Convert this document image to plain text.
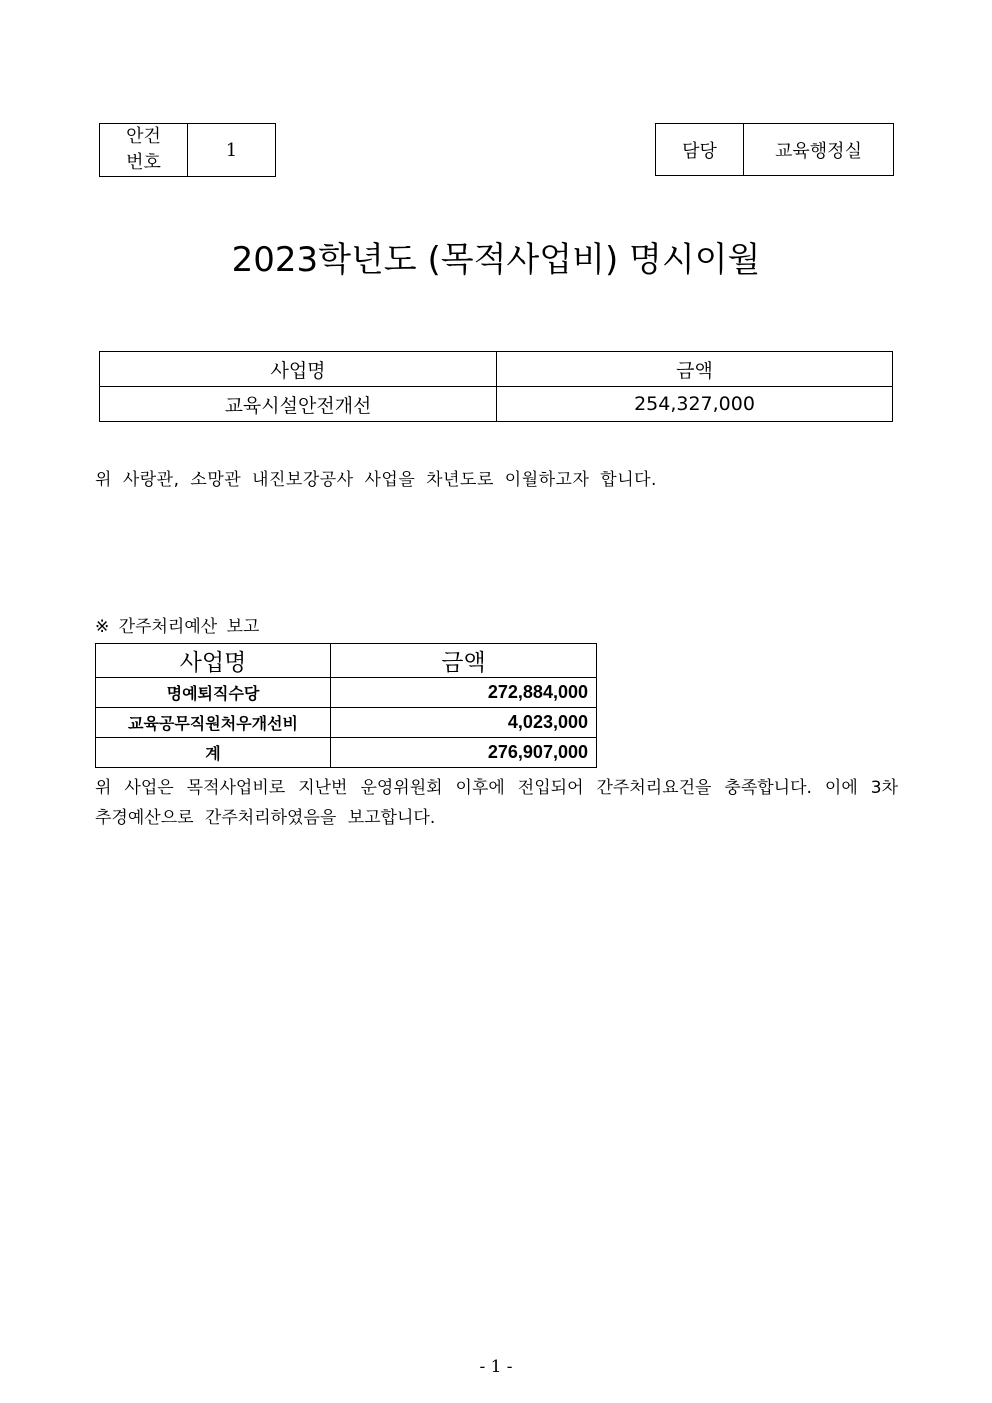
안건
번호
	1	담당	교육행정실
2023학년도 (목적사업비) 명시이월
사업명	금액
교육시설안전개선	254,327,000
위 사랑관, 소망관 내진보강공사 사업을 차년도로 이월하고자 합니다.
※ 간주처리예산 보고
사업명	금액
명예퇴직수당	272,884,000
교육공무직원처우개선비	4,023,000
계	276,907,000
위 사업은 목적사업비로 지난번 운영위원회 이후에 전입되어 간주처리요건을 충족합니다. 이에 3차 추경예산으로 간주처리하였음을 보고합니다.
- 1 -
